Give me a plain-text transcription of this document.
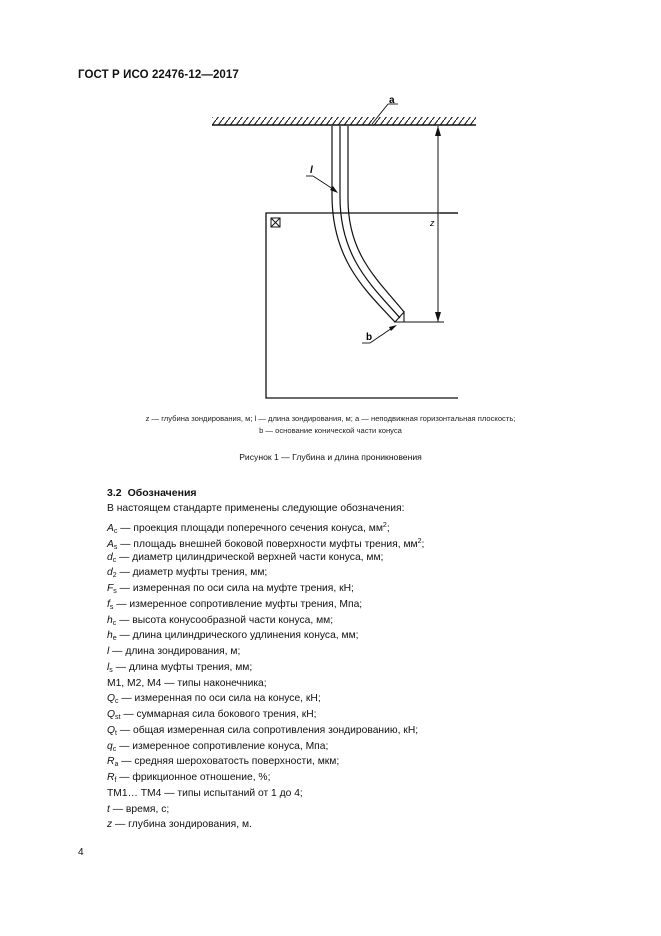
ГОСТ Р ИСО 22476-12—2017
a
l
z
b
z — глубина зондирования, м; l — длина зондирования, м; a — неподвижная горизонтальная плоскость;
b — основание конической части конуса
Рисунок 1 — Глубина и длина проникновения
3.2 Обозначения
В настоящем стандарте применены следующие обозначения:
$A_c$ — проекция площади поперечного сечения конуса, $мм^2$;
$A_s$ — площадь внешней боковой поверхности муфты трения, $мм^2$;
$d_c$ — диаметр цилиндрической верхней части конуса, мм;
$d_2$ — диаметр муфты трения, мм;
$F_s$ — измеренная по оси сила на муфте трения, кН;
$f_s$ — измеренное сопротивление муфты трения, Мпа;
$h_c$ — высота конусообразной части конуса, мм;
$h_e$ — длина цилиндрического удлинения конуса, мм;
l — длина зондирования, м;
$l_s$ — длина муфты трения, мм;
M1, M2, M4 — типы наконечника;
$Q_c$ — измеренная по оси сила на конусе, кН;
$Q_{st}$ — суммарная сила бокового трения, кН;
$Q_t$ — общая измеренная сила сопротивления зондированию, кН;
$q_c$ — измеренное сопротивление конуса, Мпа;
$R_a$ — средняя шероховатость поверхности, мкм;
$R_f$ — фрикционное отношение, %;
ТМ1… ТМ4 — типы испытаний от 1 до 4;
t — время, с;
z — глубина зондирования, м.
4
